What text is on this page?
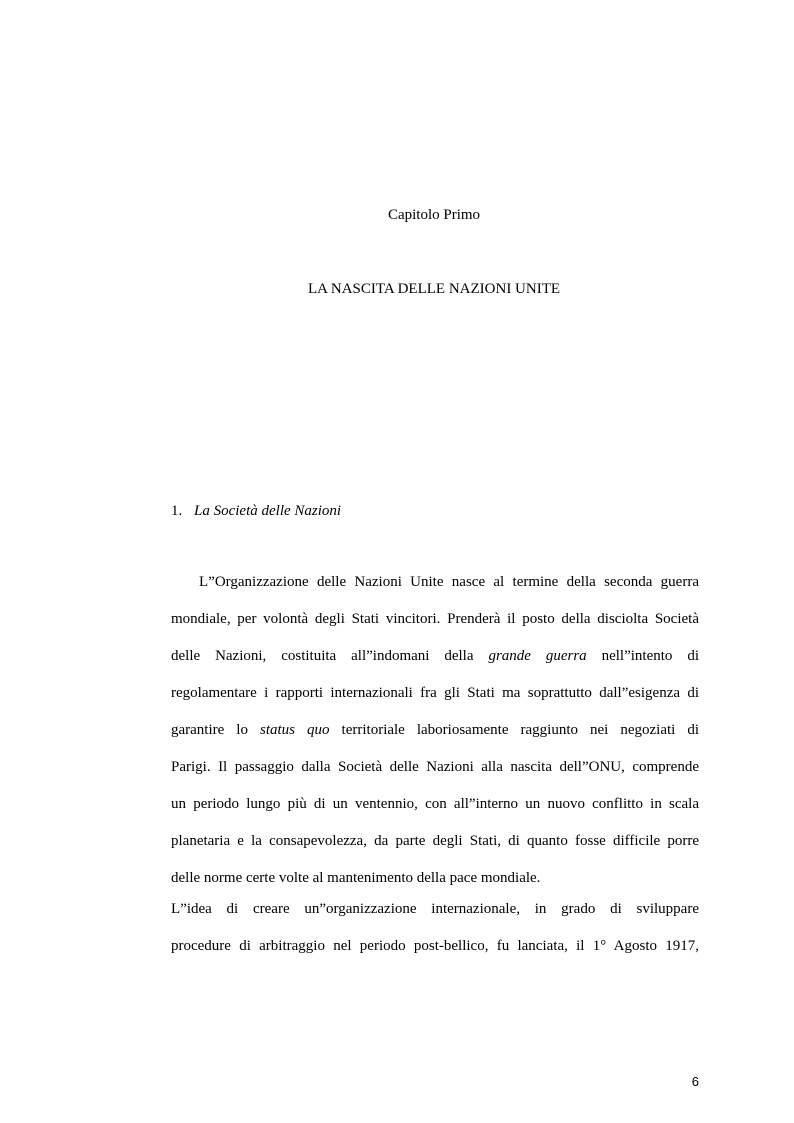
Capitolo Primo
LA NASCITA DELLE NAZIONI UNITE
1. La Società delle Nazioni
L”Organizzazione delle Nazioni Unite nasce al termine della seconda guerra
mondiale, per volontà degli Stati vincitori. Prenderà il posto della disciolta Società
delle Nazioni, costituita all”indomani della grande guerra nell”intento di
regolamentare i rapporti internazionali fra gli Stati ma soprattutto dall”esigenza di
garantire lo status quo territoriale laboriosamente raggiunto nei negoziati di
Parigi. Il passaggio dalla Società delle Nazioni alla nascita dell”ONU, comprende
un periodo lungo più di un ventennio, con all”interno un nuovo conflitto in scala
planetaria e la consapevolezza, da parte degli Stati, di quanto fosse difficile porre
delle norme certe volte al mantenimento della pace mondiale.
L”idea di creare un”organizzazione internazionale, in grado di sviluppare
procedure di arbitraggio nel periodo post-bellico, fu lanciata, il 1° Agosto 1917,
6
